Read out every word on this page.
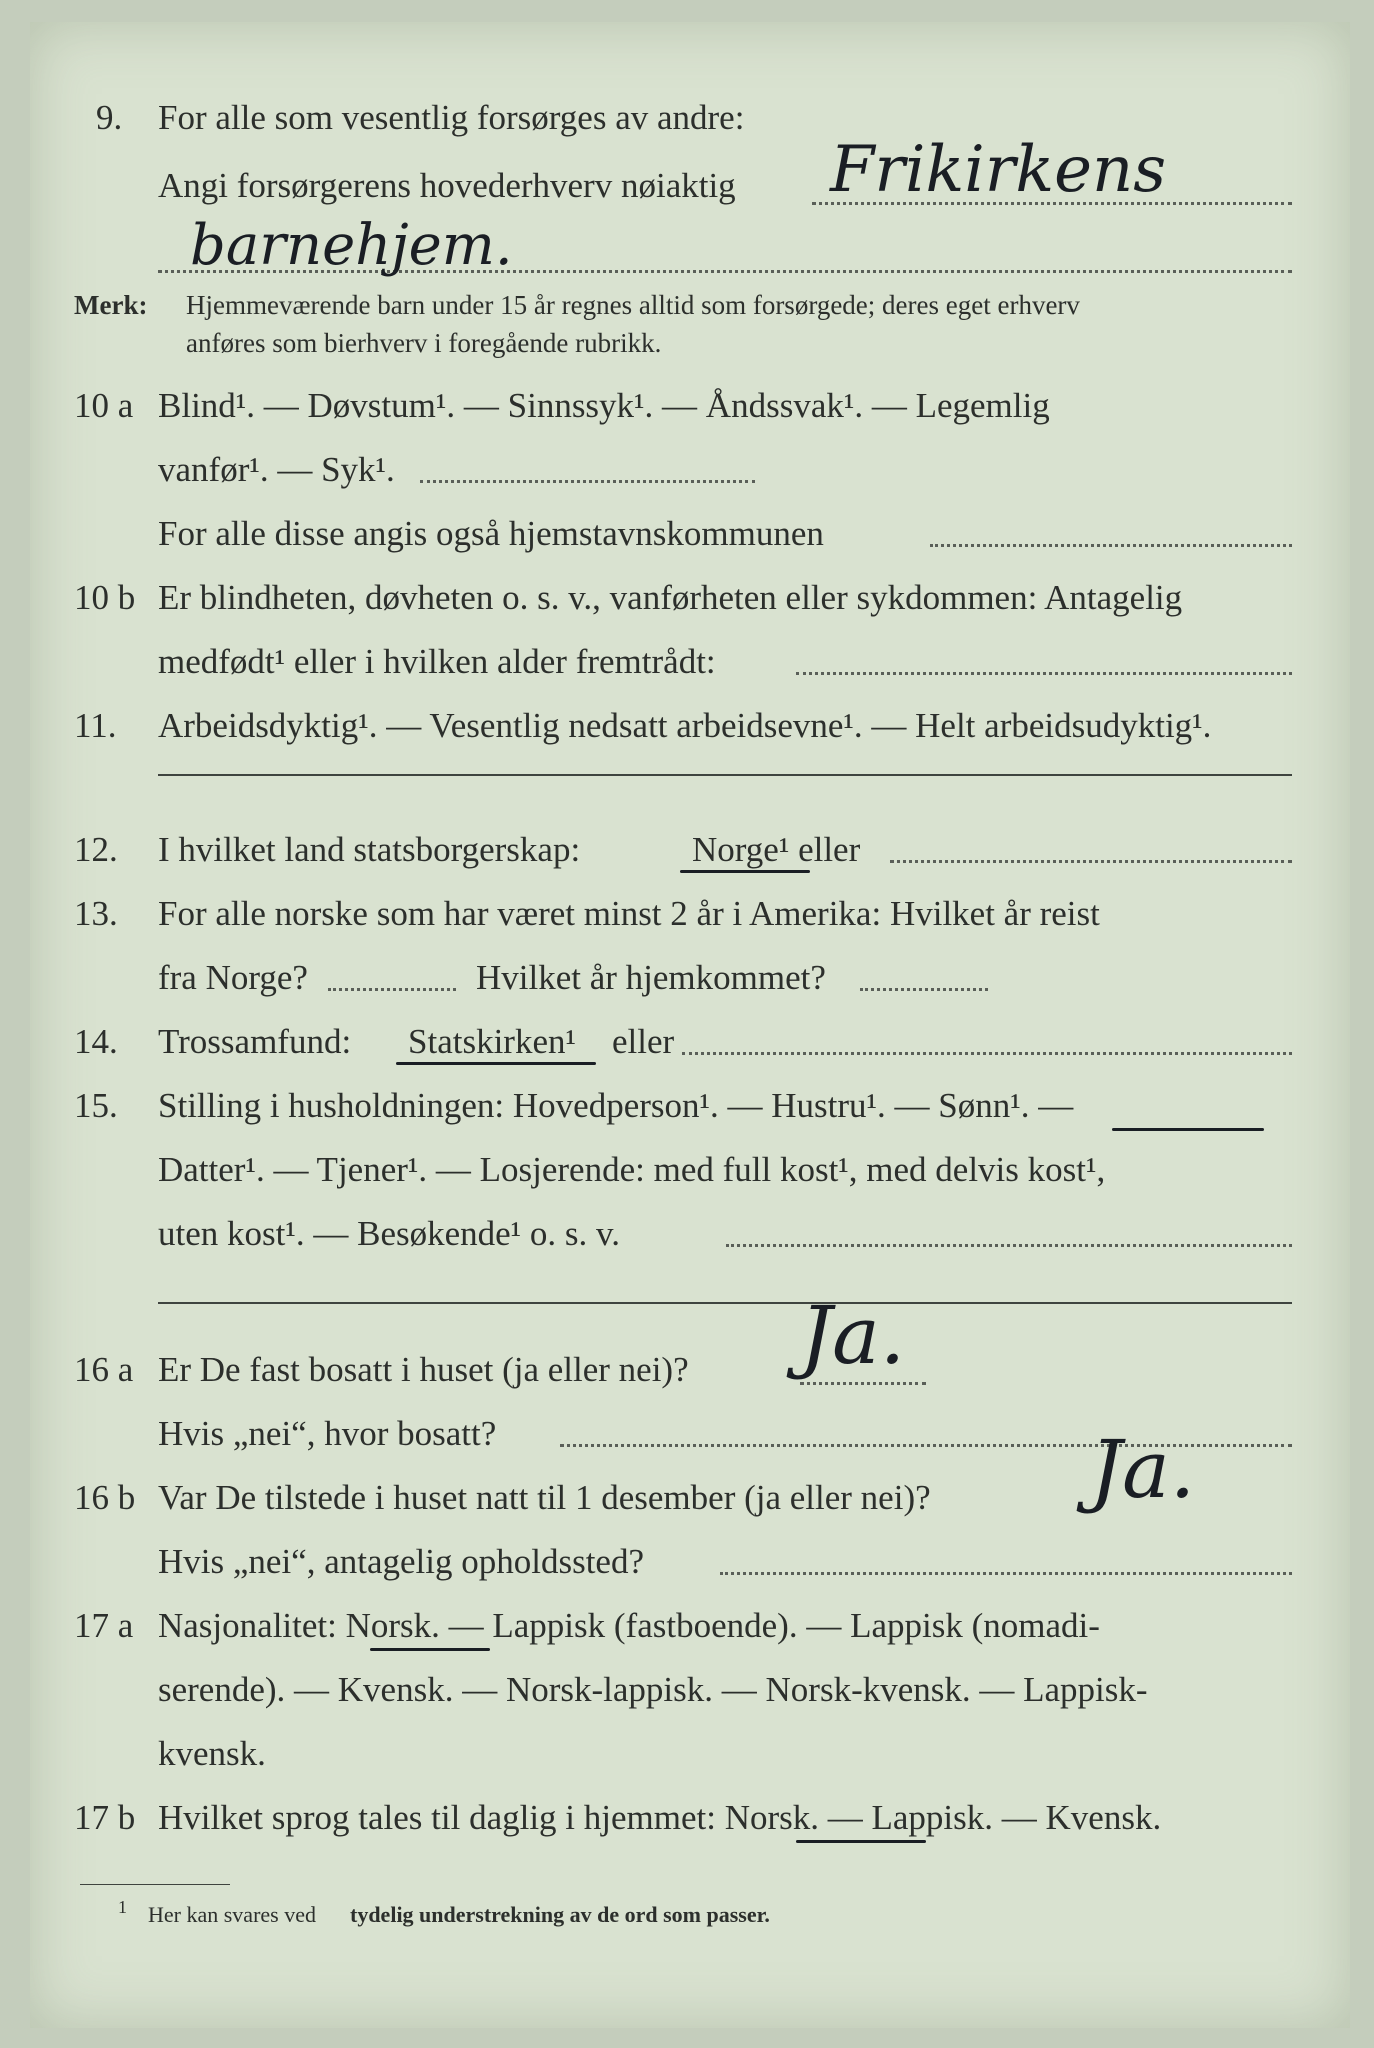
9. For alle som vesentlig forsørges av andre:
Angi forsørgerens hovederhverv nøiaktig Frikirkens
barnehjem.
Merk: Hjemmeværende barn under 15 år regnes alltid som forsørgede; deres eget erhverv
anføres som bierhverv i foregående rubrikk.
10 a Blind¹. — Døvstum¹. — Sinnssyk¹. — Åndssvak¹. — Legemlig
vanfør¹. — Syk¹.
For alle disse angis også hjemstavnskommunen
10 b Er blindheten, døvheten o. s. v., vanførheten eller sykdommen: Antagelig
medfødt¹ eller i hvilken alder fremtrådt:
11. Arbeidsdyktig¹. — Vesentlig nedsatt arbeidsevne¹. — Helt arbeidsudyktig¹.
12. I hvilket land statsborgerskap:	Norge¹ eller
13. For alle norske som har været minst 2 år i Amerika: Hvilket år reist
fra Norge?	Hvilket år hjemkommet?
14. Trossamfund: Statskirken¹ eller
15. Stilling i husholdningen: Hovedperson¹. — Hustru¹. — Sønn¹. —
Datter¹. — Tjener¹. — Losjerende: med full kost¹, med delvis kost¹,
uten kost¹. — Besøkende¹ o. s. v.
16 a Er De fast bosatt i huset (ja eller nei)? Ja.
Hvis „nei“, hvor bosatt?
16 b Var De tilstede i huset natt til 1 desember (ja eller nei)? Ja.
Hvis „nei“, antagelig opholdssted?
17 a Nasjonalitet: Norsk. — Lappisk (fastboende). — Lappisk (nomadi-
serende). — Kvensk. — Norsk-lappisk. — Norsk-kvensk. — Lappisk-
kvensk.
17 b Hvilket sprog tales til daglig i hjemmet: Norsk. — Lappisk. — Kvensk.
1 Her kan svares ved tydelig understrekning av de ord som passer.
